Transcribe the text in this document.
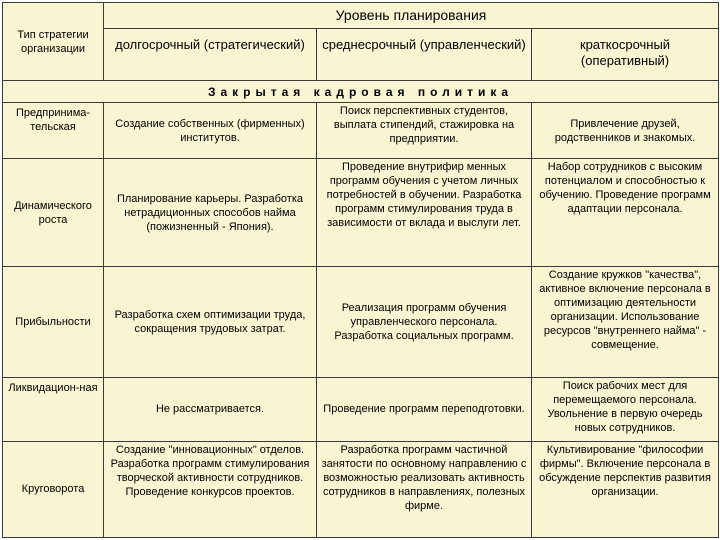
Тип стратегии организации	Уровень планирования		
	долгосрочный (стратегический)	среднесрочный (управленческий)	краткосрочный (оперативный)
Закрытая кадровая политика			
Предпринима-тельская	Создание собственных (фирменных) институтов.	Поиск перспективных студентов, выплата стипендий, стажировка на предприятии.	Привлечение друзей, родственников и знакомых.
Динамического роста	Планирование карьеры. Разработка нетрадиционных способов найма (пожизненный - Япония).	Проведение внутрифир менных программ обучения с учетом личных потребностей в обучении. Разработка программ стимулирования труда в зависимости от вклада и выслуги лет.	Набор сотрудников с высоким потенциалом и способностью к обучению. Проведение программ адаптации персонала.
Прибыльности	Разработка схем оптимизации труда, сокращения трудовых затрат.	Реализация программ обучения управленческого персонала. Разработка социальных программ.	Создание кружков "качества", активное включение персонала в оптимизацию деятельности организации. Использование ресурсов "внутреннего найма" - совмещение.
Ликвидацион-ная	Не рассматривается.	Проведение программ переподготовки.	Поиск рабочих мест для перемещаемого персонала. Увольнение в первую очередь новых сотрудников.
Круговорота	Создание "инновационных" отделов. Разработка программ стимулирования творческой активности сотрудников. Проведение конкурсов проектов.	Разработка программ частичной занятости по основному направлению с возможностью реализовать активность сотрудников в направлениях, полезных фирме.	Культивирование "философии фирмы". Включение персонала в обсуждение перспектив развития организации.
